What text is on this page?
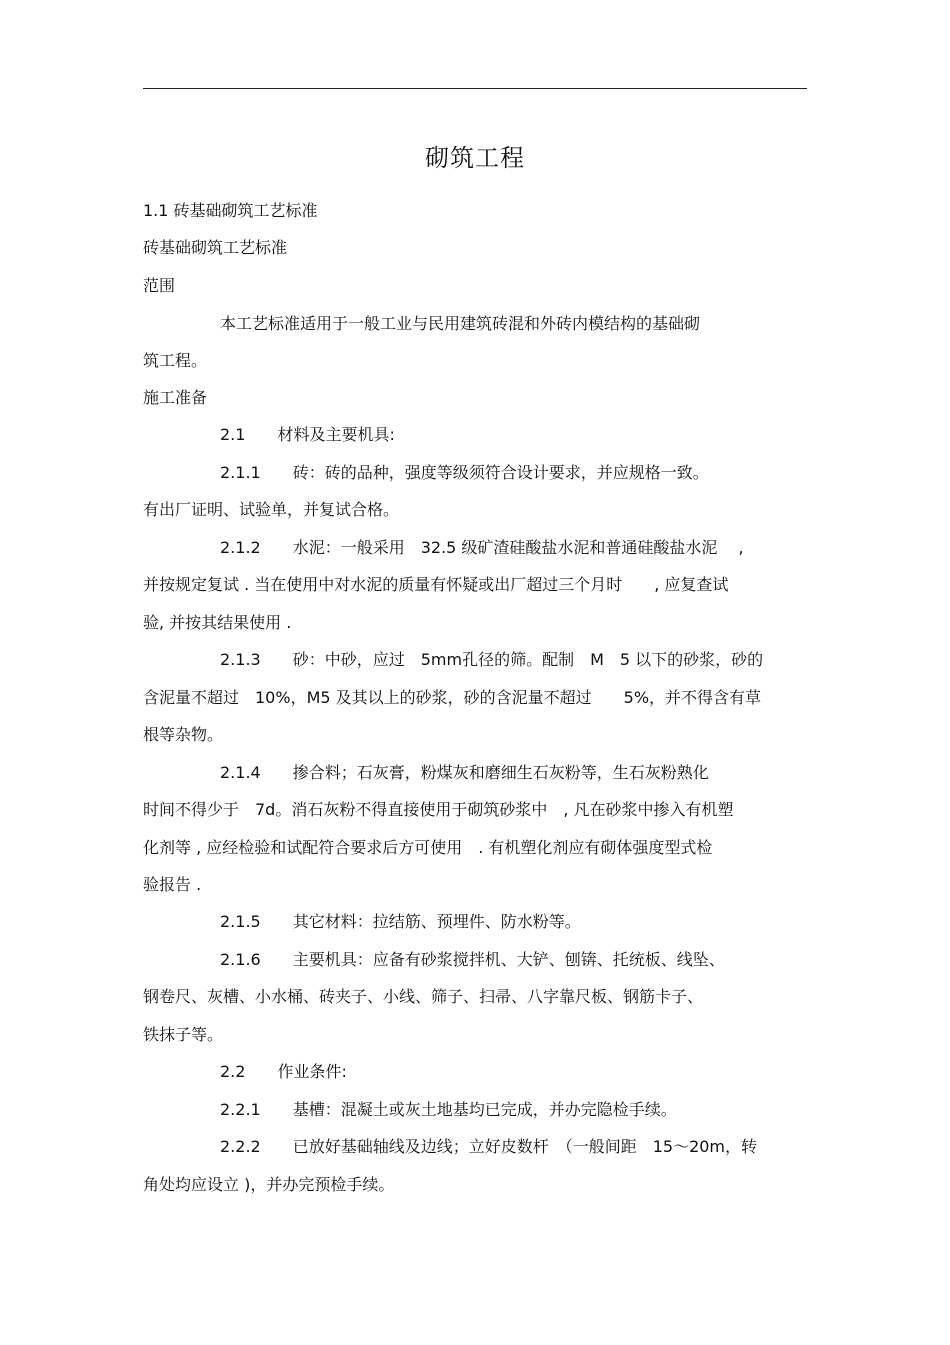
砌筑工程
1.1 砖基础砌筑工艺标准
砖基础砌筑工艺标准
范围
本工艺标准适用于一般工业与民用建筑砖混和外砖内模结构的基础砌
筑工程。
施工准备
2.1　　材料及主要机具:
2.1.1　　砖：砖的品种，强度等级须符合设计要求，并应规格一致。
有出厂证明、试验单，并复试合格。
2.1.2　　水泥：一般采用　32.5 级矿渣硅酸盐水泥和普通硅酸盐水泥　 ,
并按规定复试 . 当在使用中对水泥的质量有怀疑或出厂超过三个月时　　, 应复查试
验, 并按其结果使用 .
2.1.3　　砂：中砂，应过　5mm孔径的筛。配制　M　5 以下的砂浆，砂的
含泥量不超过　10%，M5 及其以上的砂浆，砂的含泥量不超过　　5%，并不得含有草
根等杂物。
2.1.4　　掺合料；石灰膏，粉煤灰和磨细生石灰粉等，生石灰粉熟化
时间不得少于　7d。消石灰粉不得直接使用于砌筑砂浆中　, 凡在砂浆中掺入有机塑
化剂等 , 应经检验和试配符合要求后方可使用　. 有机塑化剂应有砌体强度型式检
验报告 .
2.1.5　　其它材料：拉结筋、预埋件、防水粉等。
2.1.6　　主要机具：应备有砂浆搅拌机、大铲、刨锛、托统板、线坠、
钢卷尺、灰槽、小水桶、砖夹子、小线、筛子、扫帚、八字靠尺板、钢筋卡子、
铁抹子等。
2.2　　作业条件:
2.2.1　　基槽：混凝土或灰土地基均已完成，并办完隐检手续。
2.2.2　　已放好基础轴线及边线；立好皮数杆　（一般间距　15～20m，转
角处均应设立 )，并办完预检手续。
